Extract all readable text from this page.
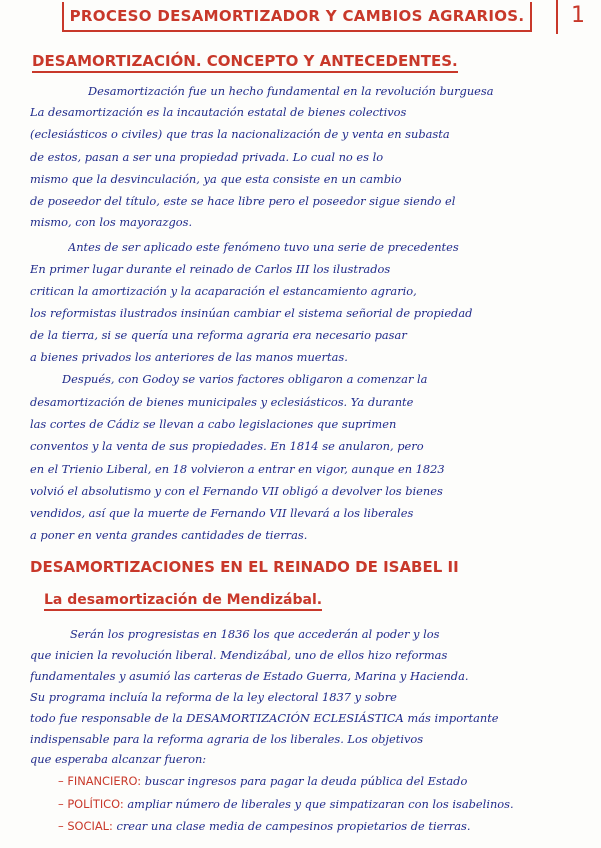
PROCESO DESAMORTIZADOR Y CAMBIOS AGRARIOS.	1
DESAMORTIZACIÓN. CONCEPTO Y ANTECEDENTES.
Desamortización fue un hecho fundamental en la revolución burguesa
La desamortización es la incautación estatal de bienes colectivos
(eclesiásticos o civiles) que tras la nacionalización de y venta en subasta
de estos, pasan a ser una propiedad privada. Lo cual no es lo
mismo que la desvinculación, ya que esta consiste en un cambio
de poseedor del título, este se hace libre pero el poseedor sigue siendo el
mismo, con los mayorazgos.
Antes de ser aplicado este fenómeno tuvo una serie de precedentes
En primer lugar durante el reinado de Carlos III los ilustrados
critican la amortización y la acaparación el estancamiento agrario,
los reformistas ilustrados insinúan cambiar el sistema señorial de propiedad
de la tierra, si se quería una reforma agraria era necesario pasar
a bienes privados los anteriores de las manos muertas.
Después, con Godoy se varios factores obligaron a comenzar la
desamortización de bienes municipales y eclesiásticos. Ya durante
las cortes de Cádiz se llevan a cabo legislaciones que suprimen
conventos y la venta de sus propiedades. En 1814 se anularon, pero
en el Trienio Liberal, en 18 volvieron a entrar en vigor, aunque en 1823
volvió el absolutismo y con el Fernando VII obligó a devolver los bienes
vendidos, así que la muerte de Fernando VII llevará a los liberales
a poner en venta grandes cantidades de tierras.
DESAMORTIZACIONES EN EL REINADO DE ISABEL II
La desamortización de Mendizábal.
Serán los progresistas en 1836 los que accederán al poder y los
que inicien la revolución liberal. Mendizábal, uno de ellos hizo reformas
fundamentales y asumió las carteras de Estado Guerra, Marina y Hacienda.
Su programa incluía la reforma de la ley electoral 1837 y sobre
todo fue responsable de la DESAMORTIZACIÓN ECLESIÁSTICA más importante
indispensable para la reforma agraria de los liberales. Los objetivos
que esperaba alcanzar fueron:
– FINANCIERO: buscar ingresos para pagar la deuda pública del Estado
– POLÍTICO: ampliar número de liberales y que simpatizaran con los isabelinos.
– SOCIAL: crear una clase media de campesinos propietarios de tierras.
